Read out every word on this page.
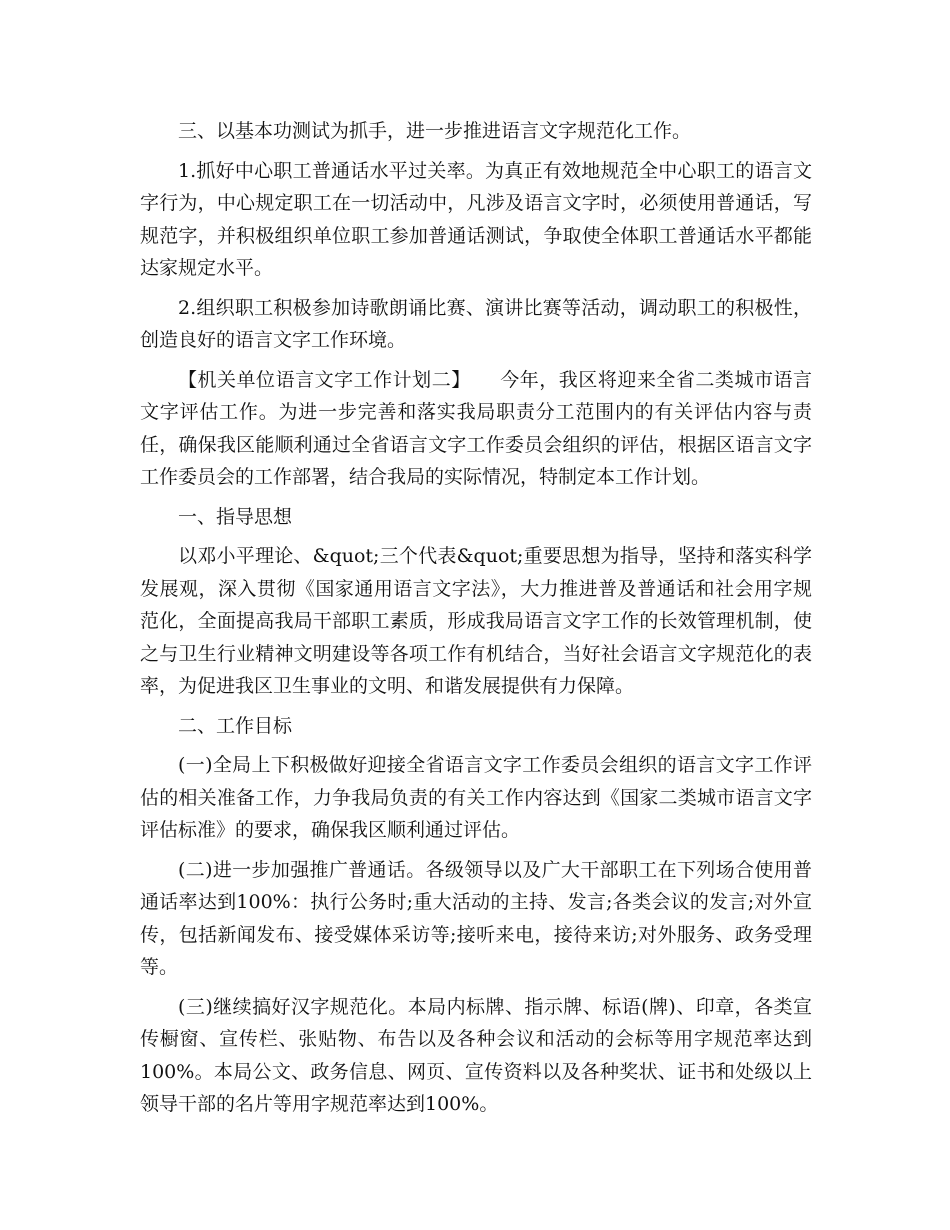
三、以基本功测试为抓手，进一步推进语言文字规范化工作。

1.抓好中心职工普通话水平过关率。为真正有效地规范全中心职工的语言文字行为，中心规定职工在一切活动中，凡涉及语言文字时，必须使用普通话，写规范字，并积极组织单位职工参加普通话测试，争取使全体职工普通话水平都能达家规定水平。

2.组织职工积极参加诗歌朗诵比赛、演讲比赛等活动，调动职工的积极性，创造良好的语言文字工作环境。

【机关单位语言文字工作计划二】　　今年，我区将迎来全省二类城市语言文字评估工作。为进一步完善和落实我局职责分工范围内的有关评估内容与责任，确保我区能顺利通过全省语言文字工作委员会组织的评估，根据区语言文字工作委员会的工作部署，结合我局的实际情况，特制定本工作计划。

一、指导思想

以邓小平理论、&quot;三个代表&quot;重要思想为指导，坚持和落实科学发展观，深入贯彻《国家通用语言文字法》，大力推进普及普通话和社会用字规范化，全面提高我局干部职工素质，形成我局语言文字工作的长效管理机制，使之与卫生行业精神文明建设等各项工作有机结合，当好社会语言文字规范化的表率，为促进我区卫生事业的文明、和谐发展提供有力保障。

二、工作目标

(一)全局上下积极做好迎接全省语言文字工作委员会组织的语言文字工作评估的相关准备工作，力争我局负责的有关工作内容达到《国家二类城市语言文字评估标准》的要求，确保我区顺利通过评估。

(二)进一步加强推广普通话。各级领导以及广大干部职工在下列场合使用普通话率达到100%：执行公务时;重大活动的主持、发言;各类会议的发言;对外宣传，包括新闻发布、接受媒体采访等;接听来电，接待来访;对外服务、政务受理等。

(三)继续搞好汉字规范化。本局内标牌、指示牌、标语(牌)、印章，各类宣传橱窗、宣传栏、张贴物、布告以及各种会议和活动的会标等用字规范率达到100%。本局公文、政务信息、网页、宣传资料以及各种奖状、证书和处级以上领导干部的名片等用字规范率达到100%。
